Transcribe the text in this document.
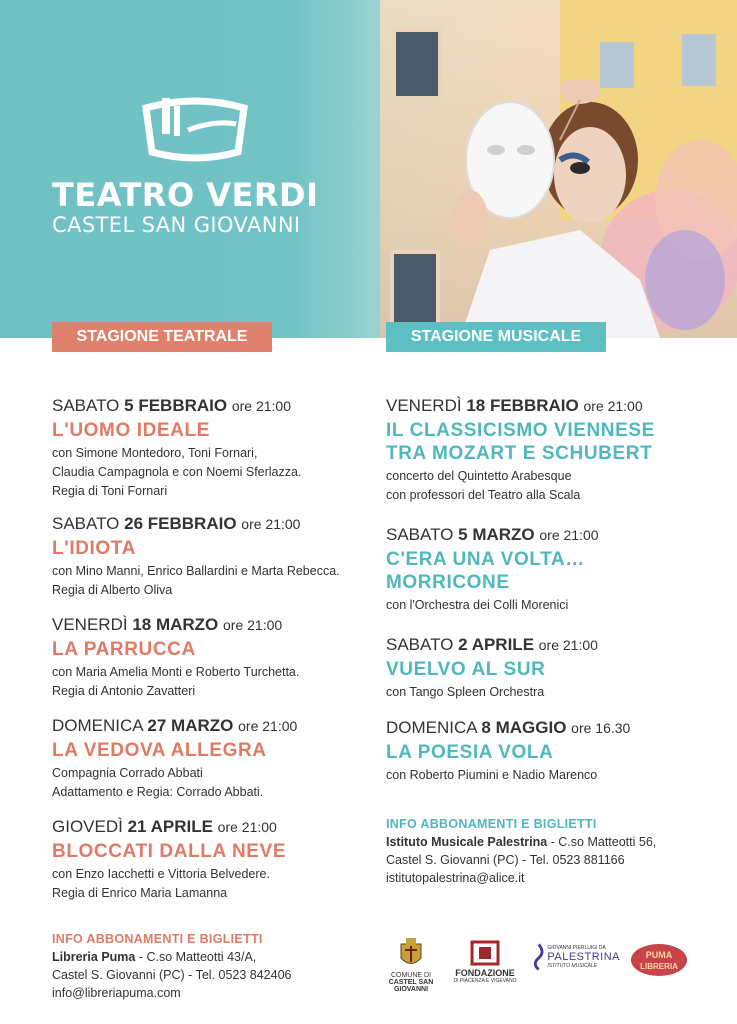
TEATRO VERDI
CASTEL SAN GIOVANNI
STAGIONE TEATRALE	STAGIONE MUSICALE
SABATO 5 FEBBRAIO ore 21:00
L'UOMO IDEALE
con Simone Montedoro, Toni Fornari,
Claudia Campagnola e con Noemi Sferlazza.
Regia di Toni Fornari
SABATO 26 FEBBRAIO ore 21:00
L'IDIOTA
con Mino Manni, Enrico Ballardini e Marta Rebecca.
Regia di Alberto Oliva
VENERDÌ 18 MARZO ore 21:00
LA PARRUCCA
con Maria Amelia Monti e Roberto Turchetta.
Regia di Antonio Zavatteri
DOMENICA 27 MARZO ore 21:00
LA VEDOVA ALLEGRA
Compagnia Corrado Abbati
Adattamento e Regia: Corrado Abbati.
GIOVEDÌ 21 APRILE ore 21:00
BLOCCATI DALLA NEVE
con Enzo Iacchetti e Vittoria Belvedere.
Regia di Enrico Maria Lamanna
VENERDÌ 18 FEBBRAIO ore 21:00
IL CLASSICISMO VIENNESE
TRA MOZART E SCHUBERT
concerto del Quintetto Arabesque
con professori del Teatro alla Scala
SABATO 5 MARZO ore 21:00
C'ERA UNA VOLTA…
MORRICONE
con l'Orchestra dei Colli Morenici
SABATO 2 APRILE ore 21:00
VUELVO AL SUR
con Tango Spleen Orchestra
DOMENICA 8 MAGGIO ore 16.30
LA POESIA VOLA
con Roberto Piumini e Nadio Marenco
INFO ABBONAMENTI E BIGLIETTI
Istituto Musicale Palestrina - C.so Matteotti 56,
Castel S. Giovanni (PC) - Tel. 0523 881166
istitutopalestrina@alice.it
INFO ABBONAMENTI E BIGLIETTI
Libreria Puma - C.so Matteotti 43/A,
Castel S. Giovanni (PC) - Tel. 0523 842406
info@libreriapuma.com
COMUNE DI
CASTEL SAN GIOVANNI
FONDAZIONE
DI PIACENZA E VIGEVANO
GIOVANNI PIERLUIGI DA
PALESTRINA
ISTITUTO MUSICALE
PUMA
LIBRERIA
